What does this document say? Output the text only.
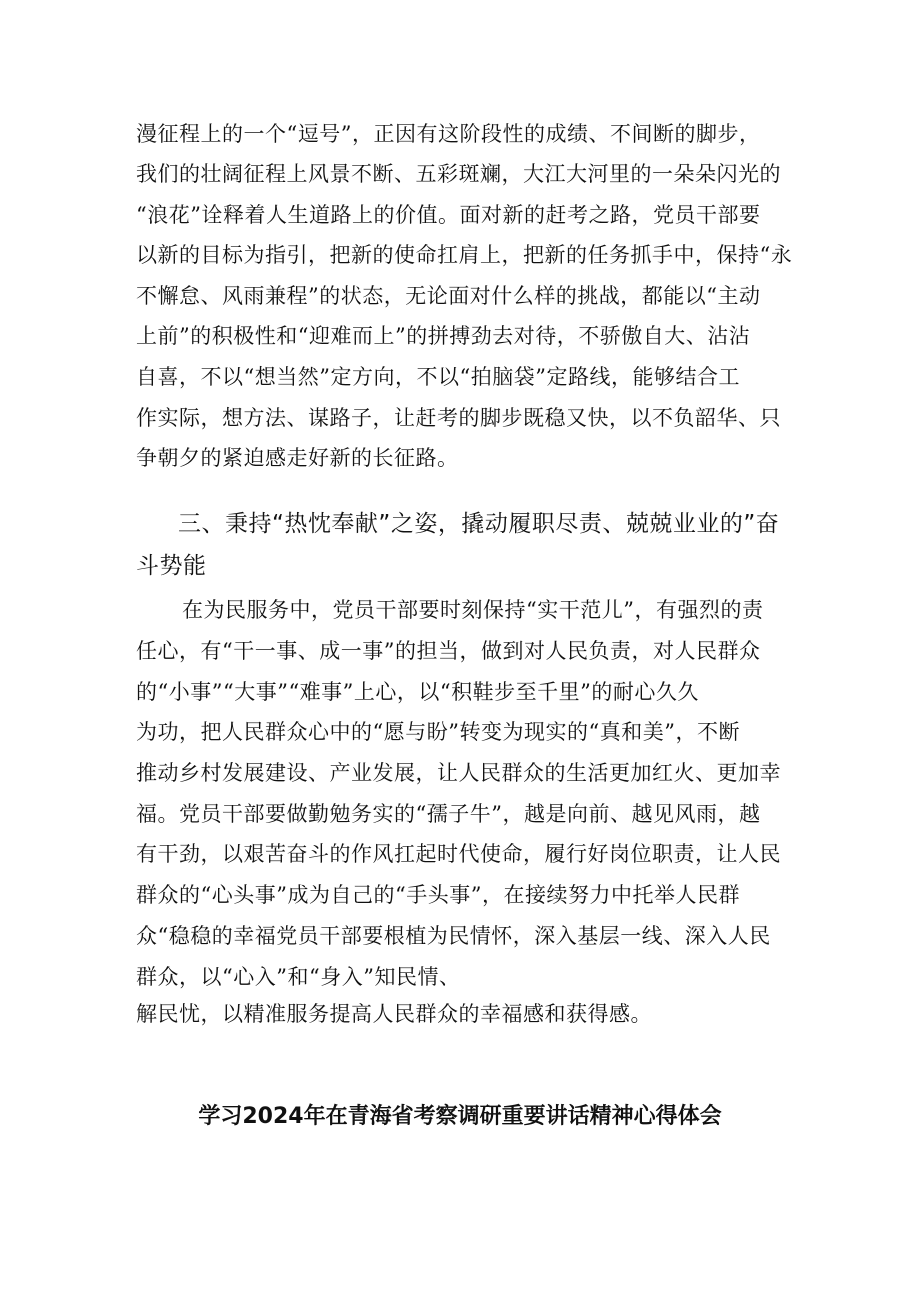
漫征程上的一个“逗号”，正因有这阶段性的成绩、不间断的脚步，
我们的壮阔征程上风景不断、五彩斑斓，大江大河里的一朵朵闪光的
“浪花”诠释着人生道路上的价值。面对新的赶考之路，党员干部要
以新的目标为指引，把新的使命扛肩上，把新的任务抓手中，保持“永
不懈怠、风雨兼程”的状态，无论面对什么样的挑战，都能以“主动
上前”的积极性和“迎难而上”的拼搏劲去对待，不骄傲自大、沾沾
自喜，不以“想当然”定方向，不以“拍脑袋”定路线，能够结合工
作实际，想方法、谋路子，让赶考的脚步既稳又快，以不负韶华、只
争朝夕的紧迫感走好新的长征路。
三、秉持“热忱奉献”之姿，撬动履职尽责、兢兢业业的”奋
斗势能
在为民服务中，党员干部要时刻保持“实干范儿”，有强烈的责
任心，有“干一事、成一事”的担当，做到对人民负责，对人民群众
的“小事”“大事”“难事”上心，以“积鞋步至千里”的耐心久久
为功，把人民群众心中的“愿与盼”转变为现实的“真和美”，不断
推动乡村发展建设、产业发展，让人民群众的生活更加红火、更加幸
福。党员干部要做勤勉务实的“孺子牛”，越是向前、越见风雨，越
有干劲，以艰苦奋斗的作风扛起时代使命，履行好岗位职责，让人民
群众的“心头事”成为自己的“手头事”，在接续努力中托举人民群
众“稳稳的幸福党员干部要根植为民情怀，深入基层一线、深入人民
群众，以“心入”和“身入”知民情、
解民忧，以精准服务提高人民群众的幸福感和获得感。
学习2024年在青海省考察调研重要讲话精神心得体会
